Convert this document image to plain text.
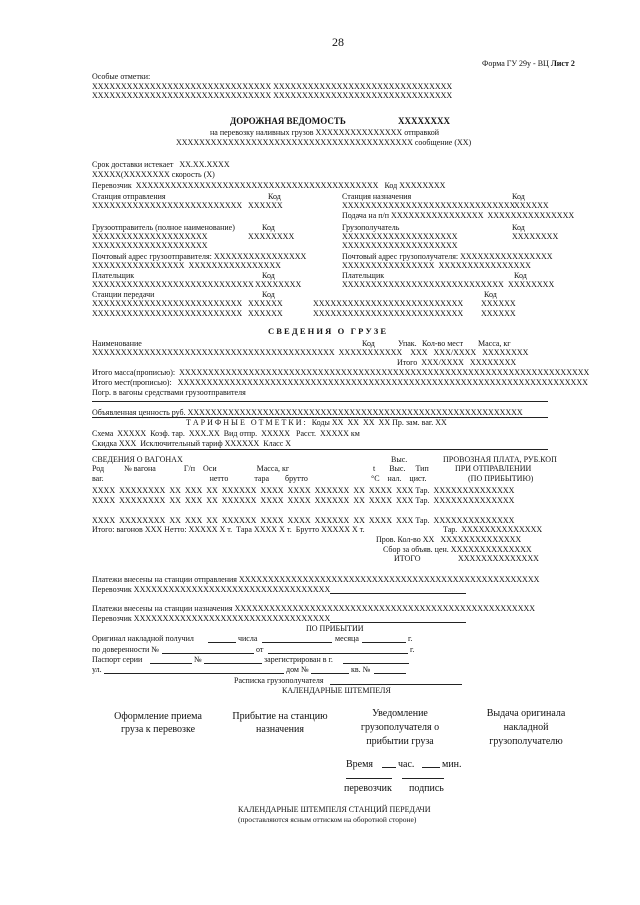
28
Форма ГУ 29у - ВЦ Лист 2
Особые отметки:
XXXXXXXXXXXXXXXXXXXXXXXXXXXXXXX XXXXXXXXXXXXXXXXXXXXXXXXXXXXXXX
XXXXXXXXXXXXXXXXXXXXXXXXXXXXXXX XXXXXXXXXXXXXXXXXXXXXXXXXXXXXXX
ДОРОЖНАЯ ВЕДОМОСТЬ	XXXXXXXX
на перевозку наливных грузов XXXXXXXXXXXXXXX отправкой
XXXXXXXXXXXXXXXXXXXXXXXXXXXXXXXXXXXXXXXXX сообщение (XX)
Срок доставки истекает   XX.XX.XXXX
XXXXX(XXXXXXXX скорость (X)
Перевозчик  XXXXXXXXXXXXXXXXXXXXXXXXXXXXXXXXXXXXXXXXXX   Код XXXXXXXX
Станция отправления	Код	Станция назначения	Код
XXXXXXXXXXXXXXXXXXXXXXXXXX XXXXXX	XXXXXXXXXXXXXXXXXXXXXXXXXXXXXX
XXXXXX
Подача на п/п XXXXXXXXXXXXXXXX  XXXXXXXXXXXXXXX
Грузоотправитель (полное наименование)	Код
XXXXXXXXXXXXXXXXXXXX	XXXXXXXX
XXXXXXXXXXXXXXXXXXXX
Почтовый адрес грузоотправителя: XXXXXXXXXXXXXXXX
XXXXXXXXXXXXXXXX  XXXXXXXXXXXXXXXX
Плательщик	Код
XXXXXXXXXXXXXXXXXXXXXXXXXXXX XXXXXXXX
Грузополучатель	Код
XXXXXXXXXXXXXXXXXXXX	XXXXXXXX
XXXXXXXXXXXXXXXXXXXX
Почтовый адрес грузополучателя: XXXXXXXXXXXXXXXX
XXXXXXXXXXXXXXXX  XXXXXXXXXXXXXXXX
Плательщик	Код
XXXXXXXXXXXXXXXXXXXXXXXXXXXX XXXXXXXX
Станции передачи	Код	Код
XXXXXXXXXXXXXXXXXXXXXXXXXX XXXXXX	XXXXXXXXXXXXXXXXXXXXXXXXXX XXXXXX
XXXXXXXXXXXXXXXXXXXXXXXXXX XXXXXX	XXXXXXXXXXXXXXXXXXXXXXXXXX XXXXXX
С В Е Д Е Н И Я   О   Г Р У З Е
Наименование	Код	Упак. Кол-во мест Масса, кг
XXXXXXXXXXXXXXXXXXXXXXXXXXXXXXXXXXXXXXXXXX  XXXXXXXXXXX    XXX   XXX/XXXX   XXXXXXXX
Итого  XXX/XXXX   XXXXXXXX
Итого масса(прописью):  XXXXXXXXXXXXXXXXXXXXXXXXXXXXXXXXXXXXXXXXXXXXXXXXXXXXXXXXXXXXXXXXXXXXXXX
Итого мест(прописью):   XXXXXXXXXXXXXXXXXXXXXXXXXXXXXXXXXXXXXXXXXXXXXXXXXXXXXXXXXXXXXXXXXXXXXXX
Погр. в вагоны средствами грузоотправителя
Объявленная ценность руб. XXXXXXXXXXXXXXXXXXXXXXXXXXXXXXXXXXXXXXXXXXXXXXXXXXXXXXXXXX
Т А Р И Ф Н Ы Е   О Т М Е Т К И :   Коды XX  XX  XX  XX Пр. зам. ваг. XX
Схема  XXXXX  Коэф. тар.  XXX.XX  Вид отпр.  XXXXX   Расст.  XXXXX км
Скидка XXX  Исключительный тариф XXXXXX  Класс X
СВЕДЕНИЯ О ВАГОНАХ	Выс.	ПРОВОЗНАЯ ПЛАТА, РУБ.КОП
Род          № вагона              Г/п    Оси                    Масса, кг	t       Выс.     Тип	ПРИ ОТПРАВЛЕНИИ
ваг.                                                     нетто             тара        брутто	°C    нал.    цист.	(ПО ПРИБЫТИЮ)
XXXX  XXXXXXXX  XX  XXX  XX  XXXXXX  XXXX  XXXX  XXXXXX  XX  XXXX  XXX Тар.  XXXXXXXXXXXXXX
XXXX  XXXXXXXX  XX  XXX  XX  XXXXXX  XXXX  XXXX  XXXXXX  XX  XXXX  XXX Тар.  XXXXXXXXXXXXXX
XXXX  XXXXXXXX  XX  XXX  XX  XXXXXX  XXXX  XXXX  XXXXXX  XX  XXXX  XXX Тар.  XXXXXXXXXXXXXX
Итого: вагонов XXX Нетто: XXXXX X т.  Тара XXXX X т.  Брутто XXXXX X т.	Тар.  XXXXXXXXXXXXXX
Пров. Кол-во XX   XXXXXXXXXXXXXX
Сбор за объяв. цен. XXXXXXXXXXXXXX
ИТОГО	XXXXXXXXXXXXXX
Платежи внесены на станции отправления XXXXXXXXXXXXXXXXXXXXXXXXXXXXXXXXXXXXXXXXXXXXXXXXXXXX
Перевозчик XXXXXXXXXXXXXXXXXXXXXXXXXXXXXXXXXX
Платежи внесены на станции назначения XXXXXXXXXXXXXXXXXXXXXXXXXXXXXXXXXXXXXXXXXXXXXXXXXXXX
Перевозчик XXXXXXXXXXXXXXXXXXXXXXXXXXXXXXXXXX
ПО ПРИБЫТИИ
Оригинал накладной получил	числа	месяца	г.
по доверенности №	от	г.
Паспорт серии	№	зарегистрирован в г.
ул.	дом №	кв. №
Расписка грузополучателя
КАЛЕНДАРНЫЕ ШТЕМПЕЛЯ
Оформление приема
груза к перевозке
Прибытие на станцию
назначения
Уведомление
грузополучателя о
прибытии груза
Выдача оригинала
накладной
грузополучателю
Время час.	мин.
перевозчик подпись
КАЛЕНДАРНЫЕ ШТЕМПЕЛЯ СТАНЦИЙ ПЕРЕДАЧИ
(проставляются ясным оттиском на оборотной стороне)
